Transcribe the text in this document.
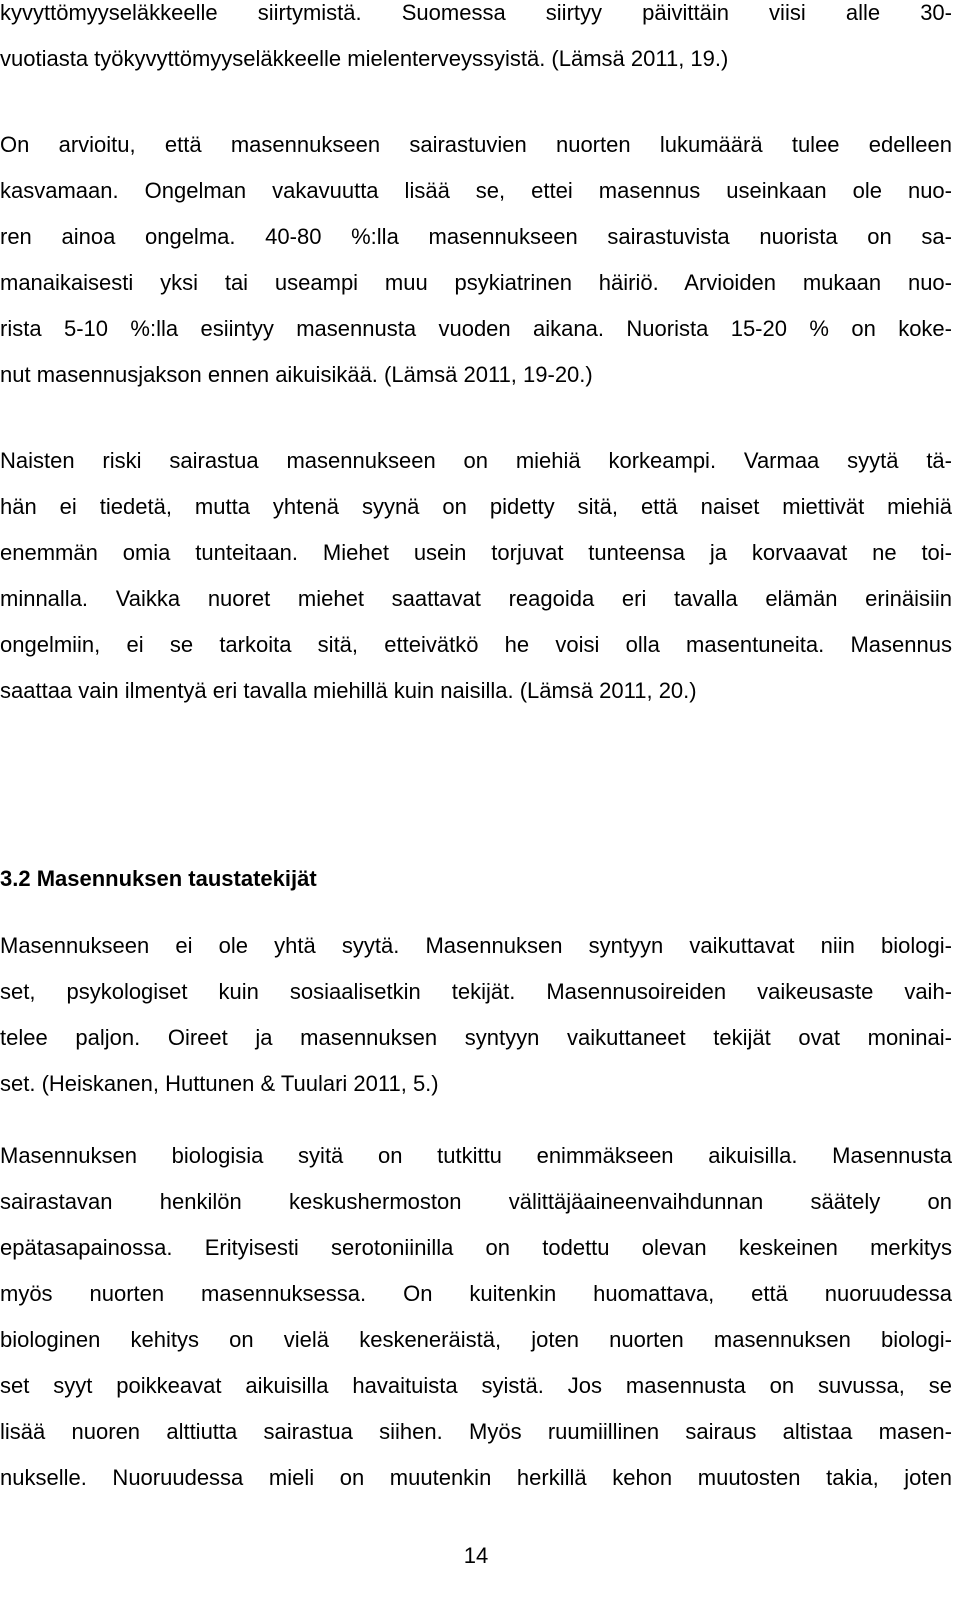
kyvyttömyyseläkkeelle siirtymistä. Suomessa siirtyy päivittäin viisi alle 30-
vuotiasta työkyvyttömyyseläkkeelle mielenterveyssyistä. (Lämsä 2011, 19.)
On arvioitu, että masennukseen sairastuvien nuorten lukumäärä tulee edelleen
kasvamaan. Ongelman vakavuutta lisää se, ettei masennus useinkaan ole nuo-
ren ainoa ongelma. 40-80 %:lla masennukseen sairastuvista nuorista on sa-
manaikaisesti yksi tai useampi muu psykiatrinen häiriö. Arvioiden mukaan nuo-
rista 5-10 %:lla esiintyy masennusta vuoden aikana. Nuorista 15-20 % on koke-
nut masennusjakson ennen aikuisikää. (Lämsä 2011, 19-20.)
Naisten riski sairastua masennukseen on miehiä korkeampi. Varmaa syytä tä-
hän ei tiedetä, mutta yhtenä syynä on pidetty sitä, että naiset miettivät miehiä
enemmän omia tunteitaan. Miehet usein torjuvat tunteensa ja korvaavat ne toi-
minnalla. Vaikka nuoret miehet saattavat reagoida eri tavalla elämän erinäisiin
ongelmiin, ei se tarkoita sitä, etteivätkö he voisi olla masentuneita. Masennus
saattaa vain ilmentyä eri tavalla miehillä kuin naisilla. (Lämsä 2011, 20.)
3.2 Masennuksen taustatekijät
Masennukseen ei ole yhtä syytä. Masennuksen syntyyn vaikuttavat niin biologi-
set, psykologiset kuin sosiaalisetkin tekijät. Masennusoireiden vaikeusaste vaih-
telee paljon. Oireet ja masennuksen syntyyn vaikuttaneet tekijät ovat moninai-
set. (Heiskanen, Huttunen & Tuulari 2011, 5.)
Masennuksen biologisia syitä on tutkittu enimmäkseen aikuisilla. Masennusta
sairastavan henkilön keskushermoston välittäjäaineenvaihdunnan säätely on
epätasapainossa. Erityisesti serotoniinilla on todettu olevan keskeinen merkitys
myös nuorten masennuksessa. On kuitenkin huomattava, että nuoruudessa
biologinen kehitys on vielä keskeneräistä, joten nuorten masennuksen biologi-
set syyt poikkeavat aikuisilla havaituista syistä. Jos masennusta on suvussa, se
lisää nuoren alttiutta sairastua siihen. Myös ruumiillinen sairaus altistaa masen-
nukselle. Nuoruudessa mieli on muutenkin herkillä kehon muutosten takia, joten
14
